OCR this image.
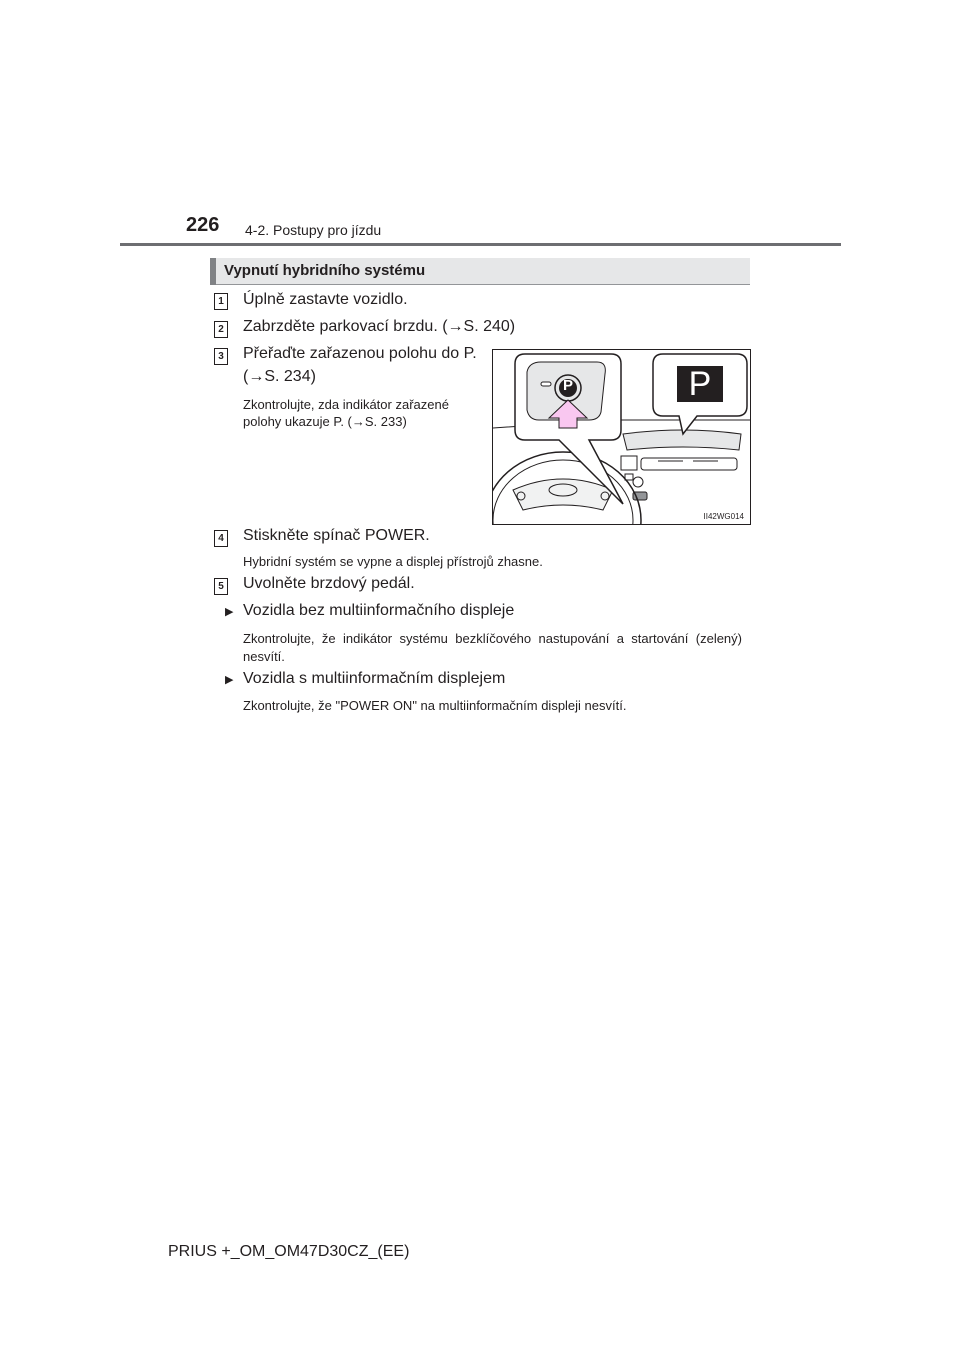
226 4-2. Postupy pro jízdu
Vypnutí hybridního systému
1 Úplně zastavte vozidlo.
2 Zabrzděte parkovací brzdu. (→S. 240)
3 Přeřaďte zařazenou polohu do P.
(→S. 234)
Zkontrolujte, zda indikátor zařazené
polohy ukazuje P. (→S. 233)
P	P
II42WG014
4 Stiskněte spínač POWER.
Hybridní systém se vypne a displej přístrojů zhasne.
5 Uvolněte brzdový pedál.
▶ Vozidla bez multiinformačního displeje
Zkontrolujte, že indikátor systému bezklíčového nastupování a startování (zelený) nesvítí.
▶ Vozidla s multiinformačním displejem
Zkontrolujte, že "POWER ON" na multiinformačním displeji nesvítí.
PRIUS +_OM_OM47D30CZ_(EE)
